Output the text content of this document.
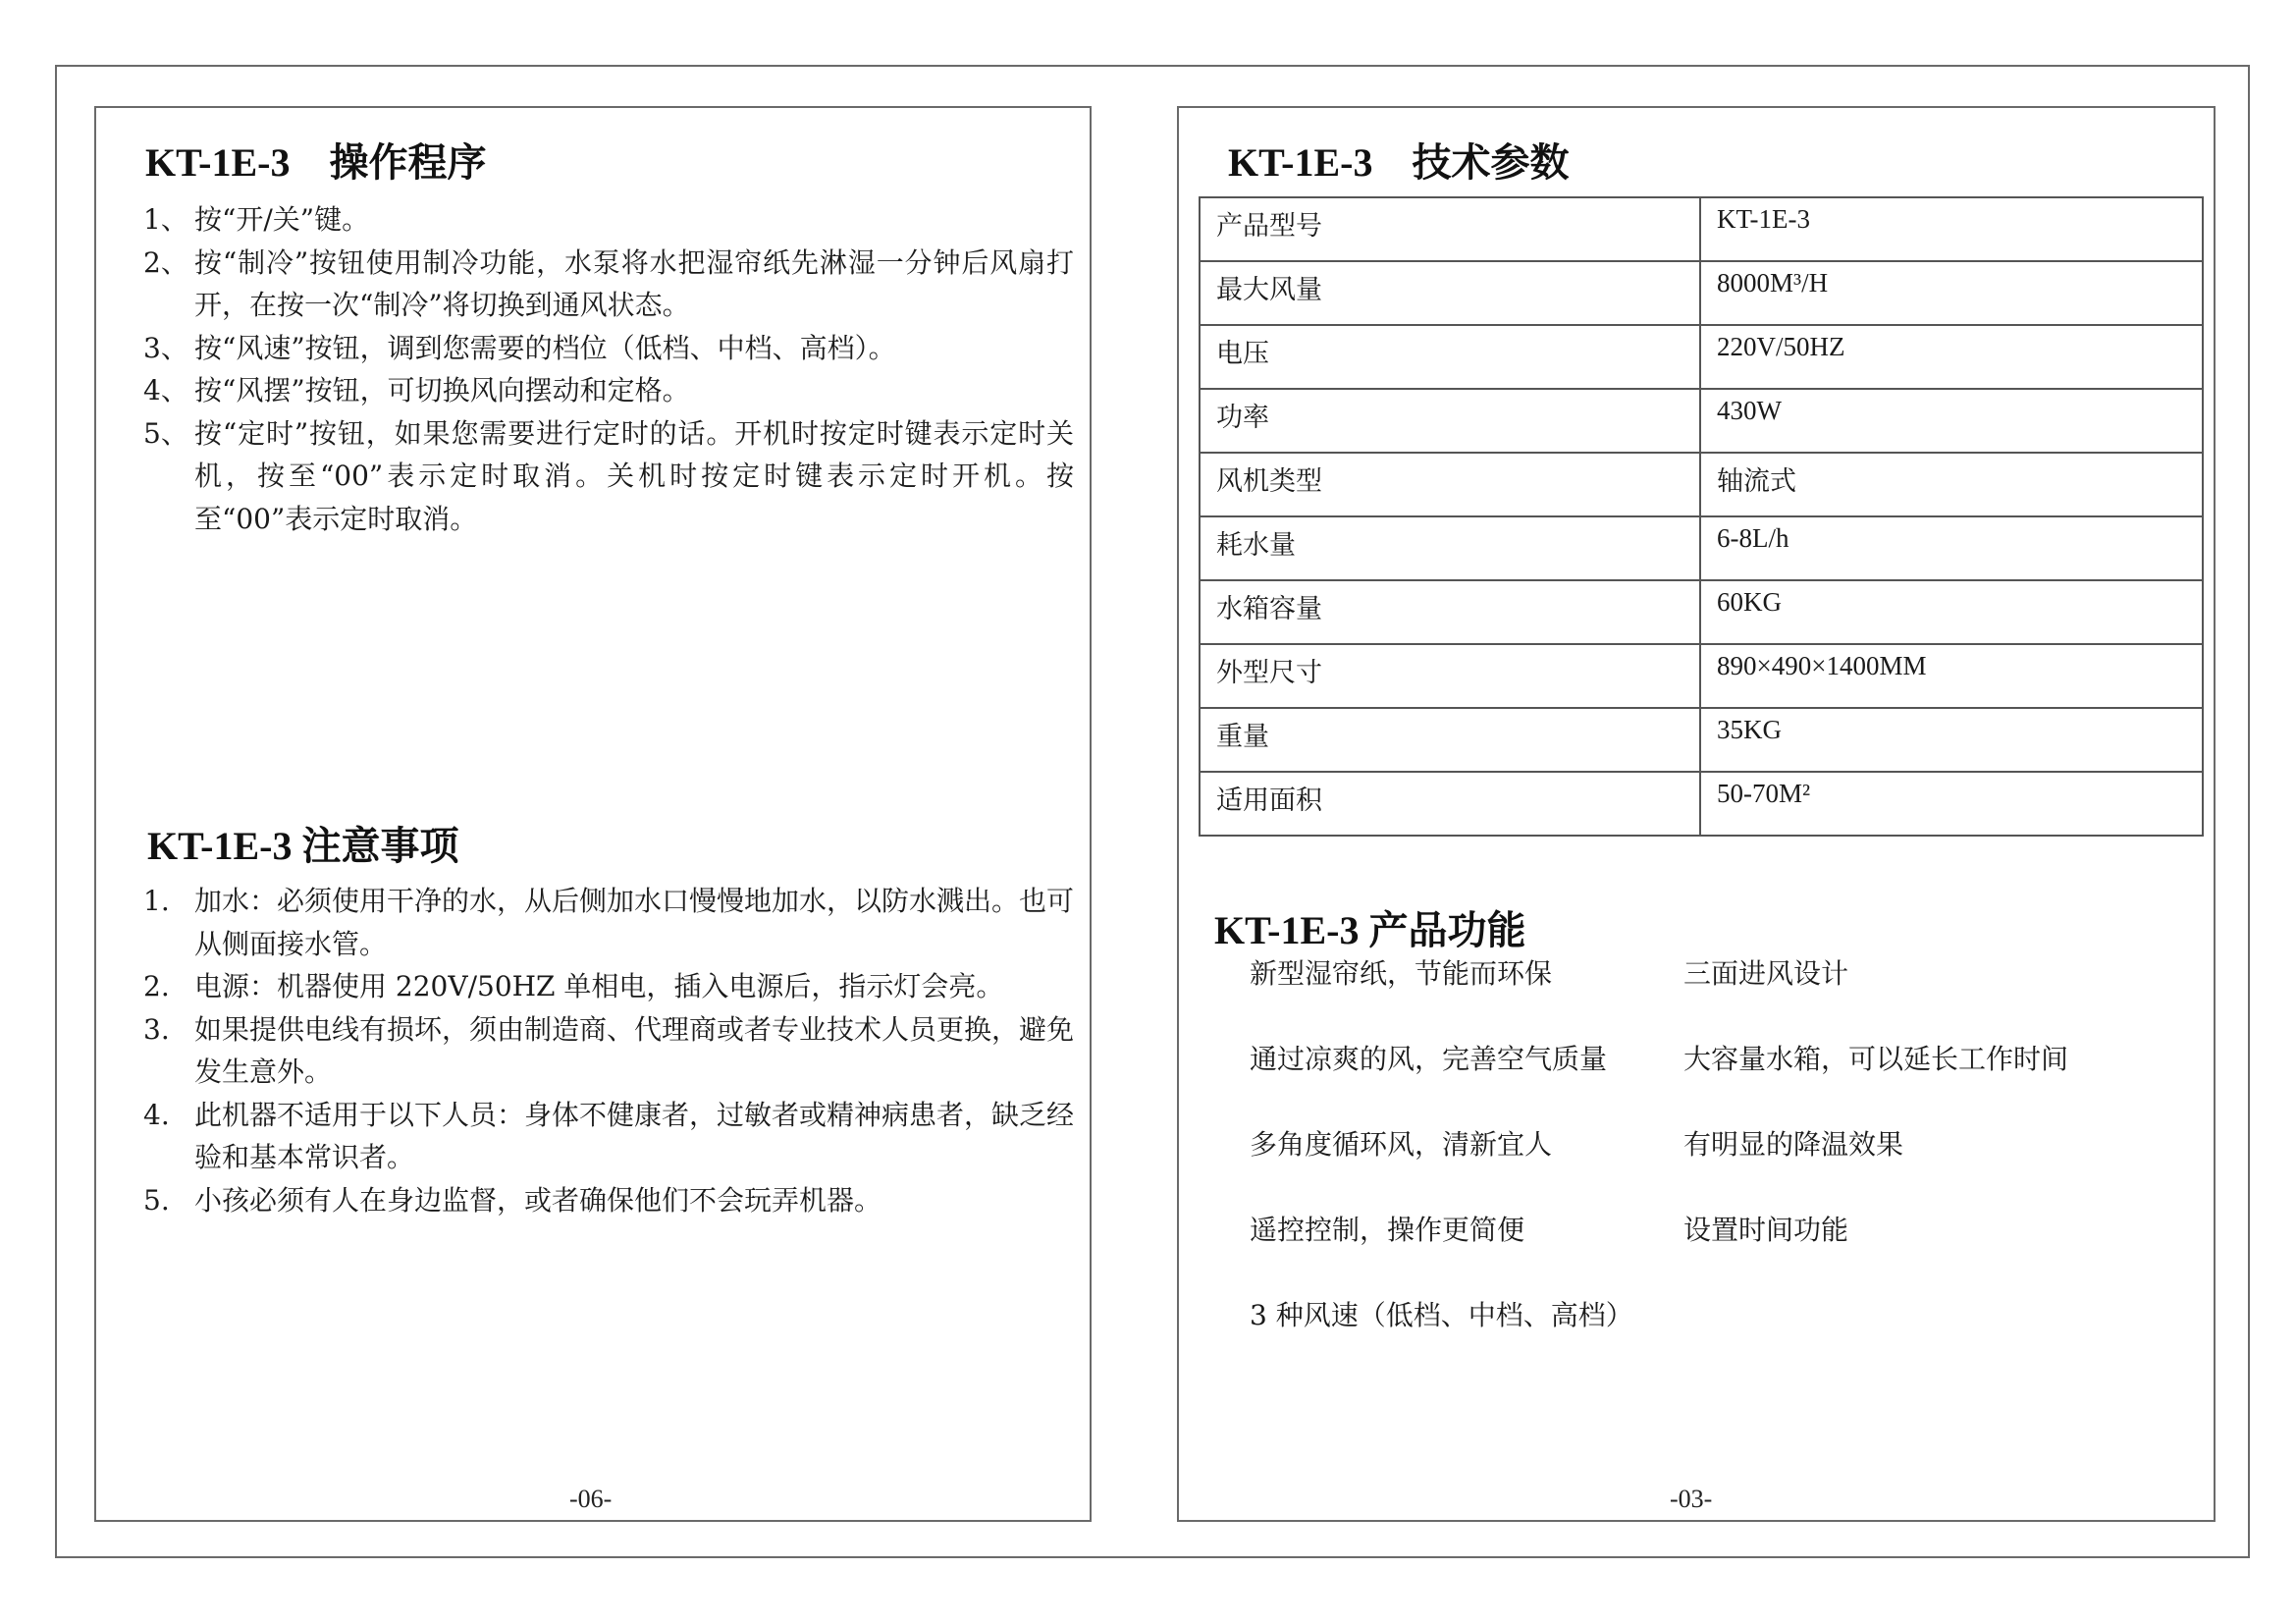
KT-1E-3　操作程序
1、 按“开/关”键。
2、 按“制冷”按钮使用制冷功能，水泵将水把湿帘纸先淋湿一分钟后风扇打开，在按一次“制冷”将切换到通风状态。
3、 按“风速”按钮，调到您需要的档位（低档、中档、高档）。
4、 按“风摆”按钮，可切换风向摆动和定格。
5、 按“定时”按钮，如果您需要进行定时的话。开机时按定时键表示定时关机，按至“00”表示定时取消。关机时按定时键表示定时开机。按至“00”表示定时取消。
KT-1E-3 注意事项
1. 加水：必须使用干净的水，从后侧加水口慢慢地加水，以防水溅出。也可从侧面接水管。
2. 电源：机器使用 220V/50HZ 单相电，插入电源后，指示灯会亮。
3. 如果提供电线有损坏，须由制造商、代理商或者专业技术人员更换，避免发生意外。
4. 此机器不适用于以下人员：身体不健康者，过敏者或精神病患者，缺乏经验和基本常识者。
5. 小孩必须有人在身边监督，或者确保他们不会玩弄机器。
-06-
KT-1E-3　技术参数
产品型号	KT-1E-3
最大风量	8000M³/H
电压	220V/50HZ
功率	430W
风机类型	轴流式
耗水量	6-8L/h
水箱容量	60KG
外型尺寸	890×490×1400MM
重量	35KG
适用面积	50-70M²
KT-1E-3 产品功能
新型湿帘纸，节能而环保	三面进风设计
通过凉爽的风，完善空气质量	大容量水箱，可以延长工作时间
多角度循环风，清新宜人	有明显的降温效果
遥控控制，操作更简便	设置时间功能
3 种风速（低档、中档、高档）
-03-
